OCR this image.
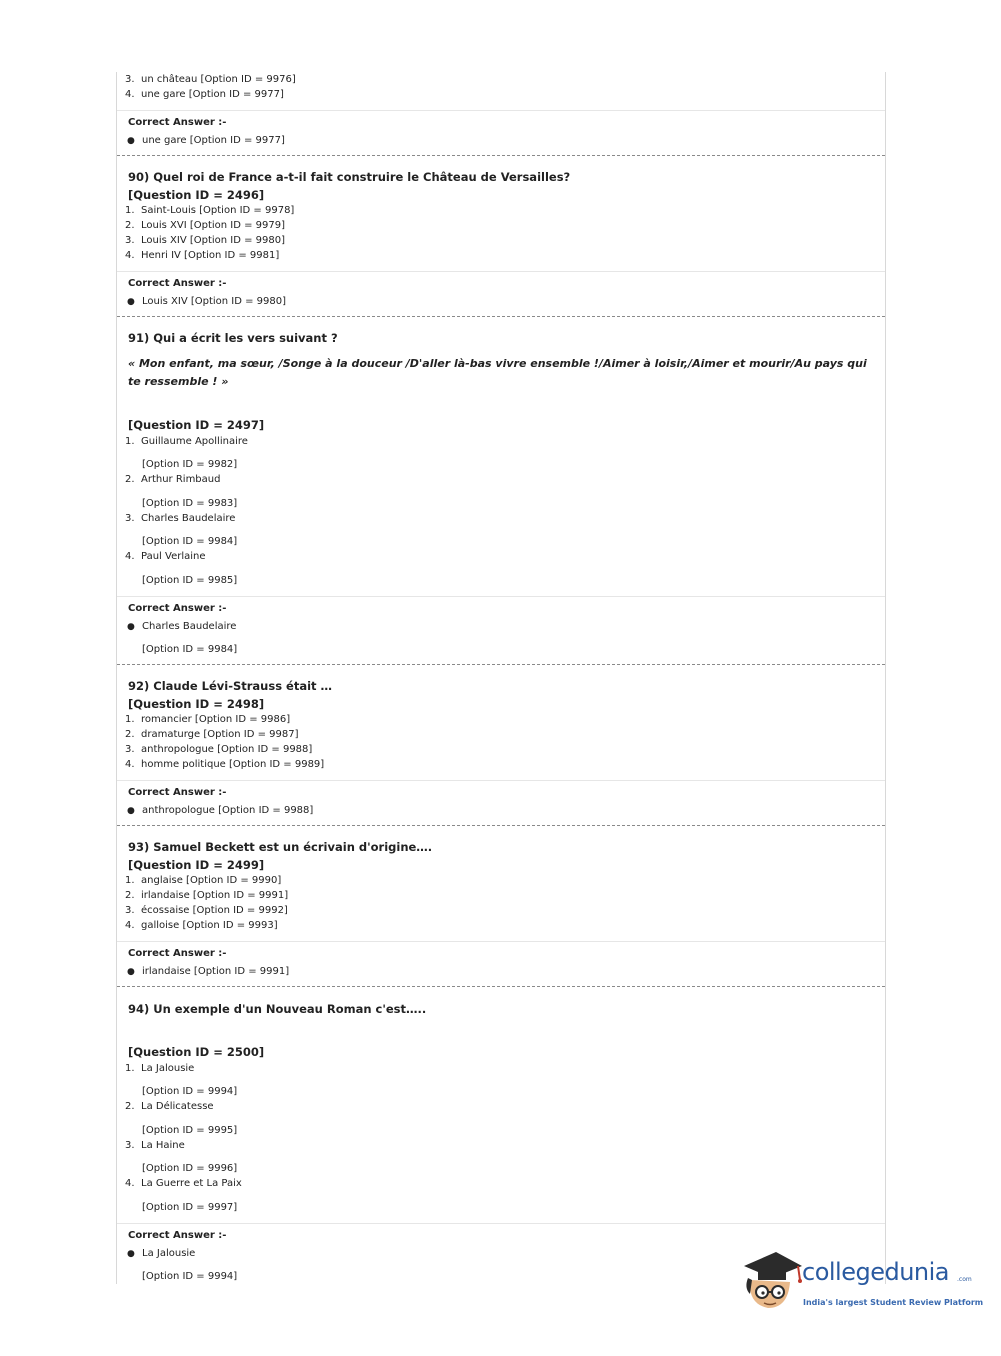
3. un château [Option ID = 9976]
4. une gare [Option ID = 9977]
Correct Answer :-
● une gare [Option ID = 9977]
90) Quel roi de France a-t-il fait construire le Château de Versailles?
[Question ID = 2496]
1. Saint-Louis [Option ID = 9978]
2. Louis XVI [Option ID = 9979]
3. Louis XIV [Option ID = 9980]
4. Henri IV [Option ID = 9981]
Correct Answer :-
● Louis XIV [Option ID = 9980]
91) Qui a écrit les vers suivant ?
« Mon enfant, ma sœur, /Songe à la douceur /D'aller là-bas vivre ensemble !/Aimer à loisir,/Aimer et mourir/Au pays qui te ressemble ! »
[Question ID = 2497]
1. Guillaume Apollinaire
[Option ID = 9982]
2. Arthur Rimbaud
[Option ID = 9983]
3. Charles Baudelaire
[Option ID = 9984]
4. Paul Verlaine
[Option ID = 9985]
Correct Answer :-
● Charles Baudelaire
[Option ID = 9984]
92) Claude Lévi-Strauss était …
[Question ID = 2498]
1. romancier [Option ID = 9986]
2. dramaturge [Option ID = 9987]
3. anthropologue [Option ID = 9988]
4. homme politique [Option ID = 9989]
Correct Answer :-
● anthropologue [Option ID = 9988]
93) Samuel Beckett est un écrivain d'origine….
[Question ID = 2499]
1. anglaise [Option ID = 9990]
2. irlandaise [Option ID = 9991]
3. écossaise [Option ID = 9992]
4. galloise [Option ID = 9993]
Correct Answer :-
● irlandaise [Option ID = 9991]
94) Un exemple d'un Nouveau Roman c'est…..
[Question ID = 2500]
1. La Jalousie
[Option ID = 9994]
2. La Délicatesse
[Option ID = 9995]
3. La Haine
[Option ID = 9996]
4. La Guerre et La Paix
[Option ID = 9997]
Correct Answer :-
● La Jalousie
[Option ID = 9994]	collegedunia .com
India's largest Student Review Platform
